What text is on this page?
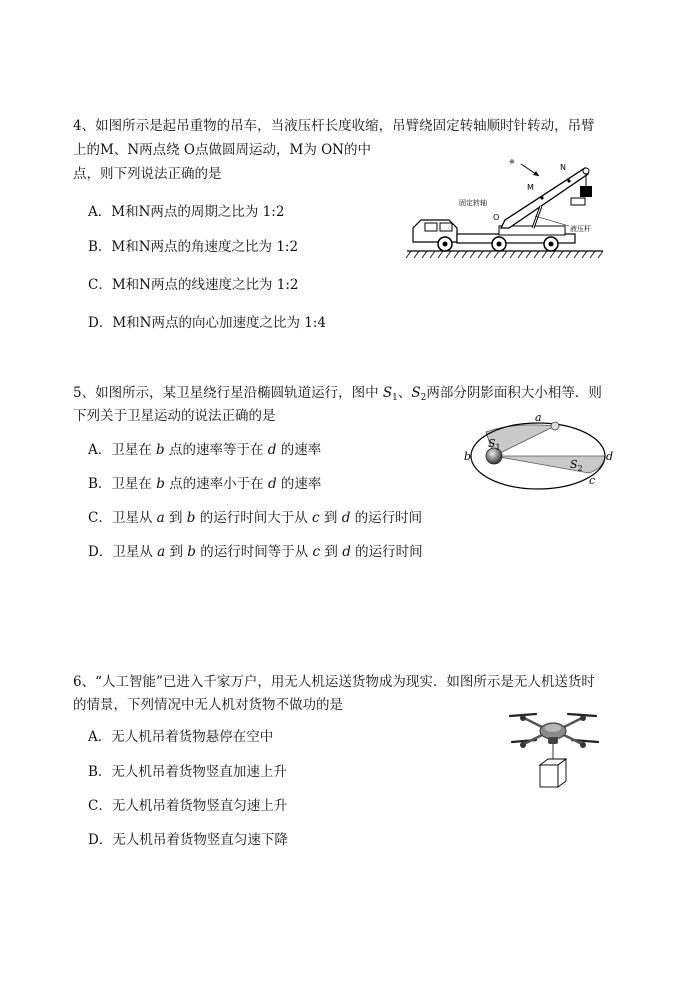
4、如图所示是起吊重物的吊车，当液压杆长度收缩，吊臂绕固定转轴顺时针转动，吊臂
上的M、N两点绕 O点做圆周运动，M为 ON的中
点，则下列说法正确的是
A．M和N两点的周期之比为 1:2
B．M和N两点的角速度之比为 1:2
C．M和N两点的线速度之比为 1:2
D．M和N两点的向心加速度之比为 1:4
※
N
M
O
固定转轴
液压杆
5、如图所示，某卫星绕行星沿椭圆轨道运行，图中 $S_1$、$S_2$两部分阴影面积大小相等．则
下列关于卫星运动的说法正确的是
A．卫星在 b 点的速率等于在 d 的速率
B．卫星在 b 点的速率小于在 d 的速率
C．卫星从 a 到 b 的运行时间大于从 c 到 d 的运行时间
D．卫星从 a 到 b 的运行时间等于从 c 到 d 的运行时间
a
b
c
d
$S_1$
$S_2$
6、“人工智能”已进入千家万户，用无人机运送货物成为现实．如图所示是无人机送货时
的情景，下列情况中无人机对货物不做功的是
A．无人机吊着货物悬停在空中
B．无人机吊着货物竖直加速上升
C．无人机吊着货物竖直匀速上升
D．无人机吊着货物竖直匀速下降
